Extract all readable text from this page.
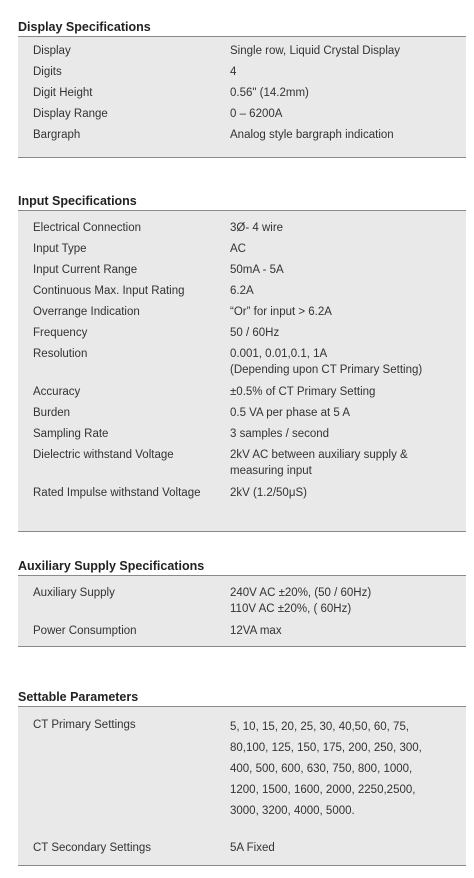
Display Specifications
Display	Single row, Liquid Crystal Display
Digits	4
Digit Height	0.56" (14.2mm)
Display Range	0 – 6200A
Bargraph	Analog style bargraph indication
Input Specifications
Electrical Connection	3Ø- 4 wire
Input Type	AC
Input Current Range	50mA - 5A
Continuous Max. Input Rating	6.2A
Overrange Indication	“Or” for input > 6.2A
Frequency	50 / 60Hz
Resolution	0.001, 0.01,0.1, 1A
(Depending upon CT Primary Setting)
Accuracy	±0.5% of CT Primary Setting
Burden	0.5 VA per phase at 5 A
Sampling Rate	3 samples / second
Dielectric withstand Voltage	2kV AC between auxiliary supply &
measuring input
Rated Impulse withstand Voltage	2kV (1.2/50μS)
Auxiliary Supply Specifications
Auxiliary Supply	240V AC ±20%, (50 / 60Hz)
110V AC ±20%, ( 60Hz)
Power Consumption	12VA max
Settable Parameters
CT Primary Settings	5, 10, 15, 20, 25, 30, 40,50, 60, 75,
80,100, 125, 150, 175, 200, 250, 300,
400, 500, 600, 630, 750, 800, 1000,
1200, 1500, 1600, 2000, 2250,2500,
3000, 3200, 4000, 5000.
CT Secondary Settings	5A Fixed
